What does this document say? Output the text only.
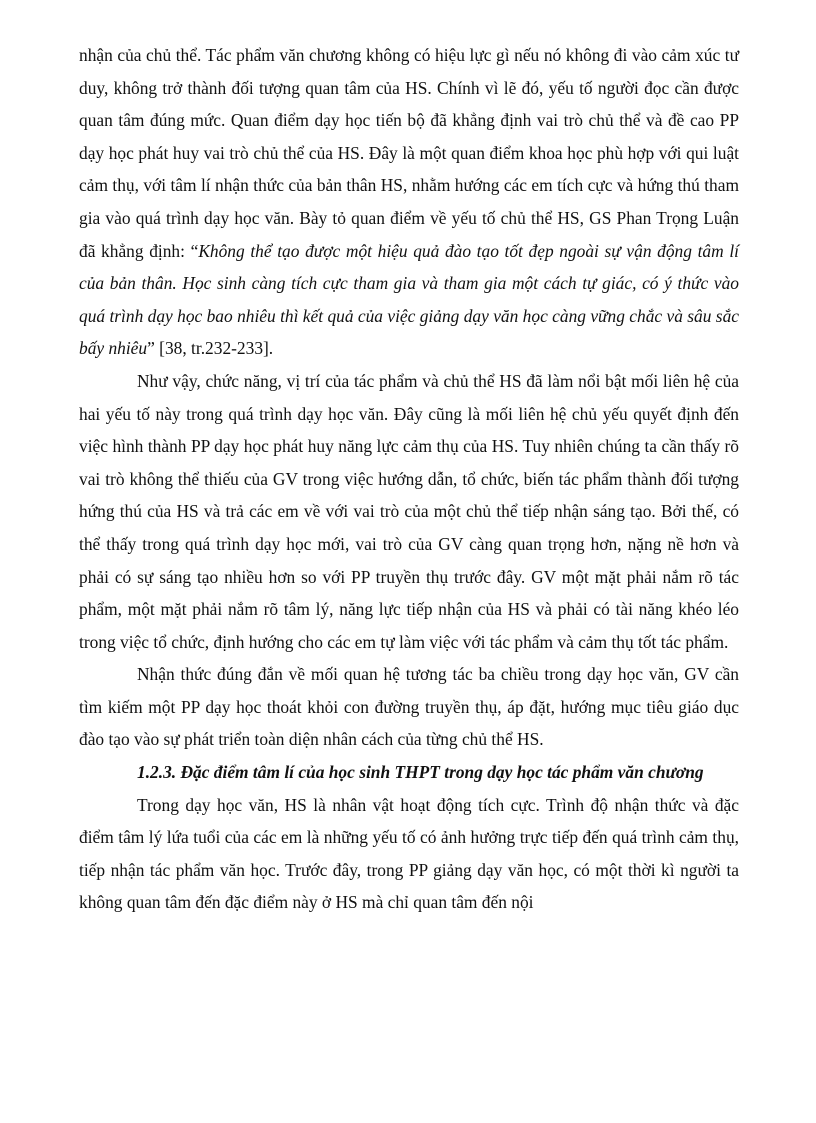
nhận của chủ thể. Tác phẩm văn chương không có hiệu lực gì nếu nó không đi vào cảm xúc tư duy, không trở thành đối tượng quan tâm của HS. Chính vì lẽ đó, yếu tố người đọc cần được quan tâm đúng mức. Quan điểm dạy học tiến bộ đã khẳng định vai trò chủ thể và đề cao PP dạy học phát huy vai trò chủ thể của HS. Đây là một quan điểm khoa học phù hợp với qui luật cảm thụ, với tâm lí nhận thức của bản thân HS, nhằm hướng các em tích cực và hứng thú tham gia vào quá trình dạy học văn. Bày tỏ quan điểm về yếu tố chủ thể HS, GS Phan Trọng Luận đã khẳng định: “Không thể tạo được một hiệu quả đào tạo tốt đẹp ngoài sự vận động tâm lí của bản thân. Học sinh càng tích cực tham gia và tham gia một cách tự giác, có ý thức vào quá trình dạy học bao nhiêu thì kết quả của việc giảng dạy văn học càng vững chắc và sâu sắc bấy nhiêu” [38, tr.232-233].

Như vậy, chức năng, vị trí của tác phẩm và chủ thể HS đã làm nổi bật mối liên hệ của hai yếu tố này trong quá trình dạy học văn. Đây cũng là mối liên hệ chủ yếu quyết định đến việc hình thành PP dạy học phát huy năng lực cảm thụ của HS. Tuy nhiên chúng ta cần thấy rõ vai trò không thể thiếu của GV trong việc hướng dẫn, tổ chức, biến tác phẩm thành đối tượng hứng thú của HS và trả các em về với vai trò của một chủ thể tiếp nhận sáng tạo. Bởi thế, có thể thấy trong quá trình dạy học mới, vai trò của GV càng quan trọng hơn, nặng nề hơn và phải có sự sáng tạo nhiều hơn so với PP truyền thụ trước đây. GV một mặt phải nắm rõ tác phẩm, một mặt phải nắm rõ tâm lý, năng lực tiếp nhận của HS và phải có tài năng khéo léo trong việc tổ chức, định hướng cho các em tự làm việc với tác phẩm và cảm thụ tốt tác phẩm.

Nhận thức đúng đắn về mối quan hệ tương tác ba chiều trong dạy học văn, GV cần tìm kiếm một PP dạy học thoát khỏi con đường truyền thụ, áp đặt, hướng mục tiêu giáo dục đào tạo vào sự phát triển toàn diện nhân cách của từng chủ thể HS.

1.2.3. Đặc điểm tâm lí của học sinh THPT trong dạy học tác phẩm văn chương

Trong dạy học văn, HS là nhân vật hoạt động tích cực. Trình độ nhận thức và đặc điểm tâm lý lứa tuổi của các em là những yếu tố có ảnh hưởng trực tiếp đến quá trình cảm thụ, tiếp nhận tác phẩm văn học. Trước đây, trong PP giảng dạy văn học, có một thời kì người ta không quan tâm đến đặc điểm này ở HS mà chỉ quan tâm đến nội
